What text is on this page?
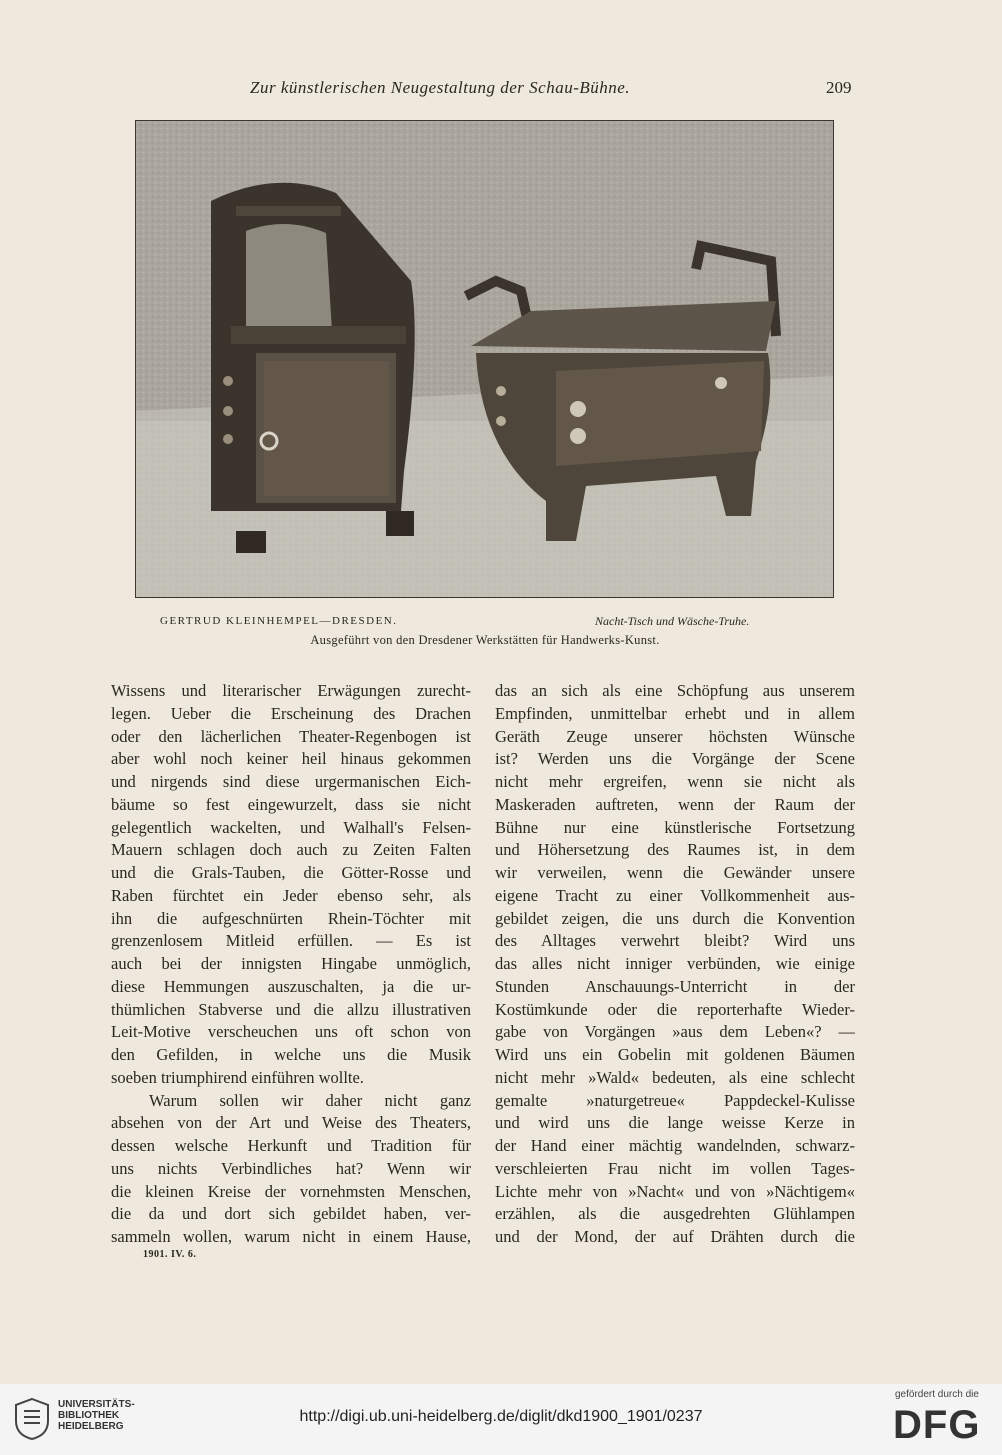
Zur künstlerischen Neugestaltung der Schau-Bühne.	209
GERTRUD KLEINHEMPEL—DRESDEN.	Nacht-Tisch und Wäsche-Truhe.
Ausgeführt von den Dresdener Werkstätten für Handwerks-Kunst.
Wissens und literarischer Erwägungen zurecht-
legen. Ueber die Erscheinung des Drachen
oder den lächerlichen Theater-Regenbogen ist
aber wohl noch keiner heil hinaus gekommen
und nirgends sind diese urgermanischen Eich-
bäume so fest eingewurzelt, dass sie nicht
gelegentlich wackelten, und Walhall's Felsen-
Mauern schlagen doch auch zu Zeiten Falten
und die Grals-Tauben, die Götter-Rosse und
Raben fürchtet ein Jeder ebenso sehr, als
ihn die aufgeschnürten Rhein-Töchter mit
grenzenlosem Mitleid erfüllen. — Es ist
auch bei der innigsten Hingabe unmöglich,
diese Hemmungen auszuschalten, ja die ur-
thümlichen Stabverse und die allzu illustrativen
Leit-Motive verscheuchen uns oft schon von
den Gefilden, in welche uns die Musik
soeben triumphirend einführen wollte.
Warum sollen wir daher nicht ganz
absehen von der Art und Weise des Theaters,
dessen welsche Herkunft und Tradition für
uns nichts Verbindliches hat? Wenn wir
die kleinen Kreise der vornehmsten Menschen,
die da und dort sich gebildet haben, ver-
sammeln wollen, warum nicht in einem Hause,
das an sich als eine Schöpfung aus unserem
Empfinden, unmittelbar erhebt und in allem
Geräth Zeuge unserer höchsten Wünsche
ist? Werden uns die Vorgänge der Scene
nicht mehr ergreifen, wenn sie nicht als
Maskeraden auftreten, wenn der Raum der
Bühne nur eine künstlerische Fortsetzung
und Höhersetzung des Raumes ist, in dem
wir verweilen, wenn die Gewänder unsere
eigene Tracht zu einer Vollkommenheit aus-
gebildet zeigen, die uns durch die Konvention
des Alltages verwehrt bleibt? Wird uns
das alles nicht inniger verbünden, wie einige
Stunden Anschauungs-Unterricht in der
Kostümkunde oder die reporterhafte Wieder-
gabe von Vorgängen »aus dem Leben«? —
Wird uns ein Gobelin mit goldenen Bäumen
nicht mehr »Wald« bedeuten, als eine schlecht
gemalte »naturgetreue« Pappdeckel-Kulisse
und wird uns die lange weisse Kerze in
der Hand einer mächtig wandelnden, schwarz-
verschleierten Frau nicht im vollen Tages-
Lichte mehr von »Nacht« und von »Nächtigem«
erzählen, als die ausgedrehten Glühlampen
und der Mond, der auf Drähten durch die
1901. IV. 6.
UNIVERSITÄTS-
BIBLIOTHEK
HEIDELBERG
http://digi.ub.uni-heidelberg.de/diglit/dkd1900_1901/0237
gefördert durch die
DFG
